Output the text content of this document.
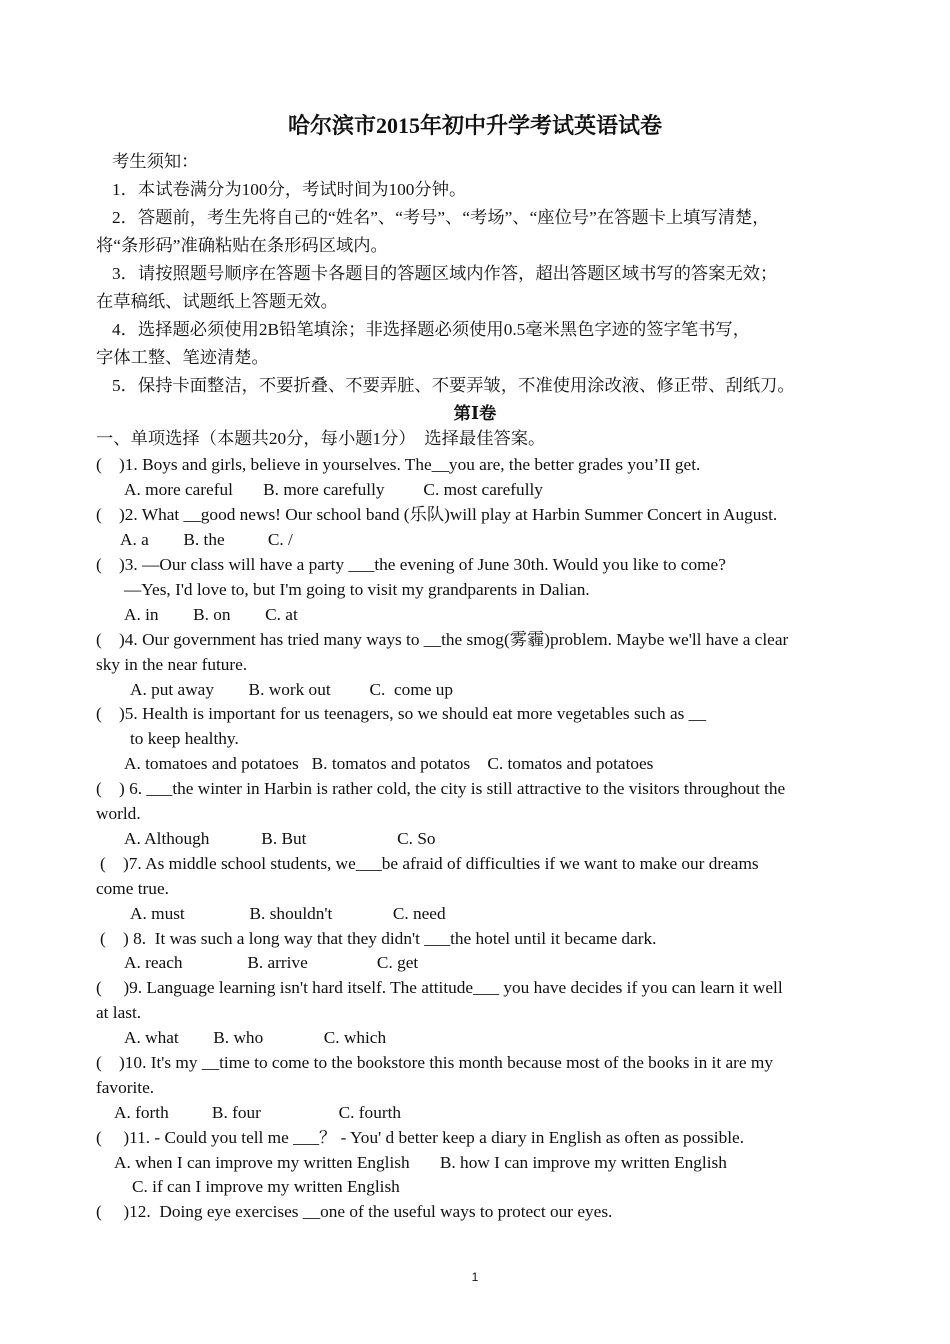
哈尔滨市2015年初中升学考试英语试卷
考生须知：
1．本试卷满分为100分，考试时间为100分钟。
2．答题前，考生先将自己的“姓名”、“考号”、“考场”、“座位号”在答题卡上填写清楚，
将“条形码”准确粘贴在条形码区域内。
3．请按照题号顺序在答题卡各题目的答题区域内作答，超出答题区域书写的答案无效；
在草稿纸、试题纸上答题无效。
4．选择题必须使用2B铅笔填涂；非选择题必须使用0.5毫米黑色字迹的签字笔书写，
字体工整、笔迹清楚。
5．保持卡面整洁，不要折叠、不要弄脏、不要弄皱，不准使用涂改液、修正带、刮纸刀。
第Ⅰ卷
一、单项选择（本题共20分，每小题1分）  选择最佳答案。
(    )1. Boys and girls, believe in yourselves. The__you are, the better grades you’II get.
A. more careful       B. more carefully         C. most carefully
(    )2. What __good news! Our school band (乐队)will play at Harbin Summer Concert in August.
A. a        B. the          C. /
(    )3. —Our class will have a party ___the evening of June 30th. Would you like to come?
—Yes, I'd love to, but I'm going to visit my grandparents in Dalian.
A. in        B. on        C. at
(    )4. Our government has tried many ways to __the smog(雾霾)problem. Maybe we'll have a clear
sky in the near future.
A. put away        B. work out         C.  come up
(    )5. Health is important for us teenagers, so we should eat more vegetables such as __
to keep healthy.
A. tomatoes and potatoes   B. tomatos and potatos    C. tomatos and potatoes
(    ) 6. ___the winter in Harbin is rather cold, the city is still attractive to the visitors throughout the
world.
A. Although            B. But                     C. So
(    )7. As middle school students, we___be afraid of difficulties if we want to make our dreams
come true.
A. must               B. shouldn't              C. need
(    ) 8.  It was such a long way that they didn't ___the hotel until it became dark.
A. reach               B. arrive                C. get
(     )9. Language learning isn't hard itself. The attitude___ you have decides if you can learn it well
at last.
A. what        B. who              C. which
(    )10. It's my __time to come to the bookstore this month because most of the books in it are my
favorite.
A. forth          B. four                  C. fourth
(     )11. - Could you tell me ___？ - You' d better keep a diary in English as often as possible.
A. when I can improve my written English       B. how I can improve my written English
C. if can I improve my written English
(     )12.  Doing eye exercises __one of the useful ways to protect our eyes.
1
